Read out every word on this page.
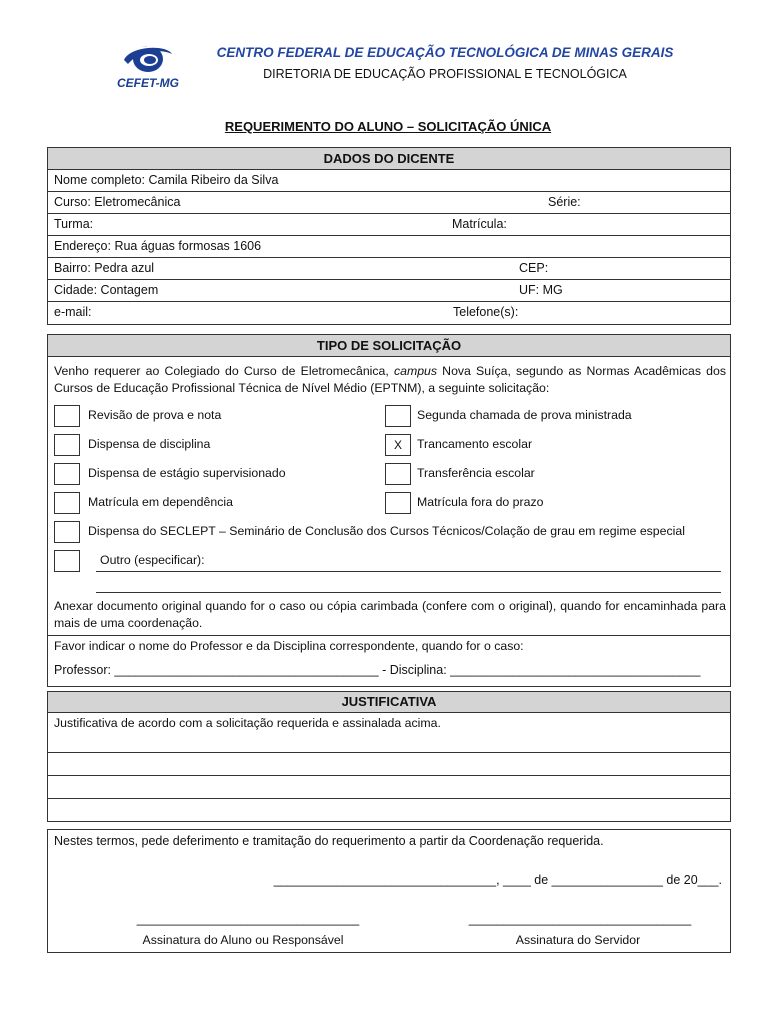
CEFET-MG
CENTRO FEDERAL DE EDUCAÇÃO TECNOLÓGICA DE MINAS GERAIS
DIRETORIA DE EDUCAÇÃO PROFISSIONAL E TECNOLÓGICA
REQUERIMENTO DO ALUNO – SOLICITAÇÃO ÚNICA
DADOS DO DICENTE
Nome completo: Camila Ribeiro da Silva
Curso: Eletromecânica	Série:
Turma:	Matrícula:
Endereço: Rua águas formosas 1606
Bairro: Pedra azul	CEP:
Cidade: Contagem	UF: MG
e-mail:	Telefone(s):
TIPO DE SOLICITAÇÃO
Venho requerer ao Colegiado do Curso de Eletromecânica, campus Nova Suíça, segundo as Normas Acadêmicas dos Cursos de Educação Profissional Técnica de Nível Médio (EPTNM), a seguinte solicitação:
Revisão de prova e nota	Segunda chamada de prova ministrada
Dispensa de disciplina	X	Trancamento escolar
Dispensa de estágio supervisionado	Transferência escolar
Matrícula em dependência	Matrícula fora do prazo
Dispensa do SECLEPT – Seminário de Conclusão dos Cursos Técnicos/Colação de grau em regime especial
Outro (especificar):
Anexar documento original quando for o caso ou cópia carimbada (confere com o original), quando for encaminhada para mais de uma coordenação.
Favor indicar o nome do Professor e da Disciplina correspondente, quando for o caso:
Professor: ______________________________________ - Disciplina: ____________________________________
JUSTIFICATIVA
Justificativa de acordo com a solicitação requerida e assinalada acima.
Nestes termos, pede deferimento e tramitação do requerimento a partir da Coordenação requerida.
________________________________, ____ de ________________ de 20___.
________________________________	________________________________
Assinatura do Aluno ou Responsável	Assinatura do Servidor
